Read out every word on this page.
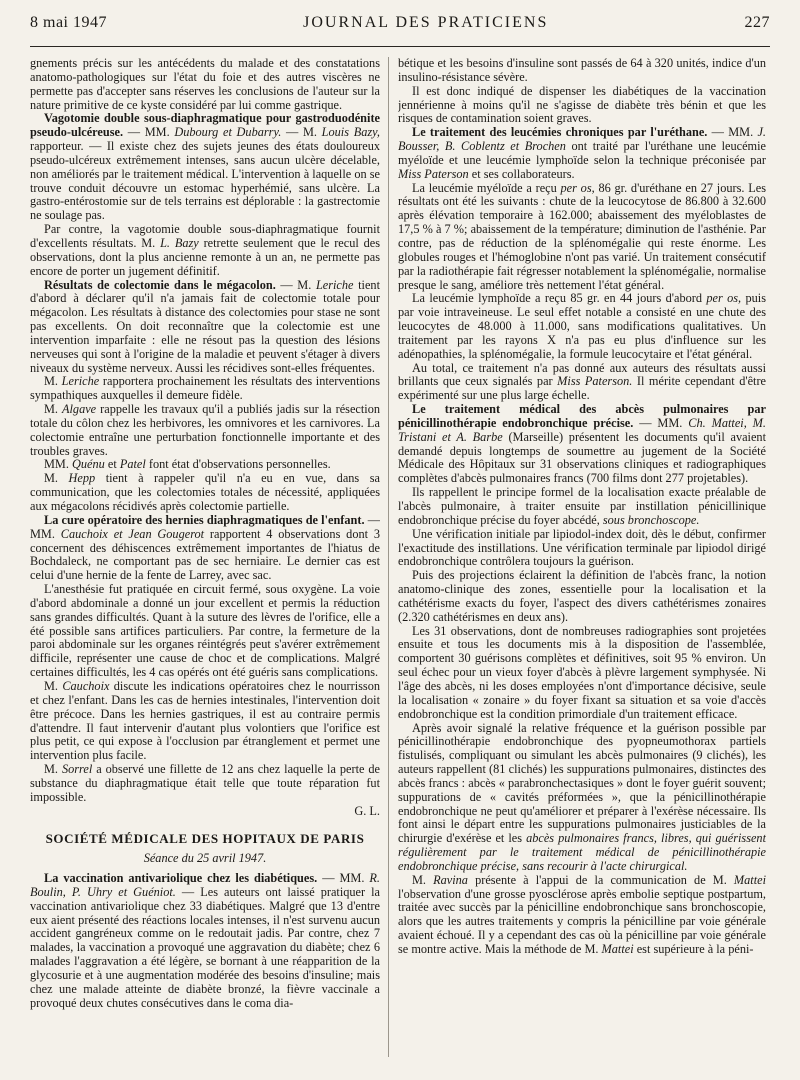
8 mai 1947	JOURNAL DES PRATICIENS	227

gnements précis sur les antécédents du malade et des constatations anatomo-pathologiques sur l'état du foie et des autres viscères ne permette pas d'accepter sans réserves les conclusions de l'auteur sur la nature primitive de ce kyste considéré par lui comme gastrique.

Vagotomie double sous-diaphragmatique pour gastroduodénite pseudo-ulcéreuse. — MM. Dubourg et Dubarry. — M. Louis Bazy, rapporteur. — Il existe chez des sujets jeunes des états douloureux pseudo-ulcéreux extrêmement intenses, sans aucun ulcère décelable, non améliorés par le traitement médical. L'intervention à laquelle on se trouve conduit découvre un estomac hyperhémié, sans ulcère. La gastro-entérostomie sur de tels terrains est déplorable : la gastrectomie ne soulage pas.

Par contre, la vagotomie double sous-diaphragmatique fournit d'excellents résultats. M. L. Bazy retrette seulement que le recul des observations, dont la plus ancienne remonte à un an, ne permette pas encore de porter un jugement définitif.

Résultats de colectomie dans le mégacolon. — M. Leriche tient d'abord à déclarer qu'il n'a jamais fait de colectomie totale pour mégacolon. Les résultats à distance des colectomies pour stase ne sont pas excellents. On doit reconnaître que la colectomie est une intervention imparfaite : elle ne résout pas la question des lésions nerveuses qui sont à l'origine de la maladie et peuvent s'étager à divers niveaux du système nerveux. Aussi les récidives sont-elles fréquentes.

M. Leriche rapportera prochainement les résultats des interventions sympathiques auxquelles il demeure fidèle.

M. Algave rappelle les travaux qu'il a publiés jadis sur la résection totale du côlon chez les herbivores, les omnivores et les carnivores. La colectomie entraîne une perturbation fonctionnelle importante et des troubles graves.

MM. Quénu et Patel font état d'observations personnelles.

M. Hepp tient à rappeler qu'il n'a eu en vue, dans sa communication, que les colectomies totales de nécessité, appliquées aux mégacolons récidivés après colectomie partielle.

La cure opératoire des hernies diaphragmatiques de l'enfant. — MM. Cauchoix et Jean Gougerot rapportent 4 observations dont 3 concernent des déhiscences extrêmement importantes de l'hiatus de Bochdaleck, ne comportant pas de sec herniaire. Le dernier cas est celui d'une hernie de la fente de Larrey, avec sac.

L'anesthésie fut pratiquée en circuit fermé, sous oxygène. La voie d'abord abdominale a donné un jour excellent et permis la réduction sans grandes difficultés. Quant à la suture des lèvres de l'orifice, elle a été possible sans artifices particuliers. Par contre, la fermeture de la paroi abdominale sur les organes réintégrés peut s'avérer extrêmement difficile, représenter une cause de choc et de complications. Malgré certaines difficultés, les 4 cas opérés ont été guéris sans complications.

M. Cauchoix discute les indications opératoires chez le nourrisson et chez l'enfant. Dans les cas de hernies intestinales, l'intervention doit être précoce. Dans les hernies gastriques, il est au contraire permis d'attendre. Il faut intervenir d'autant plus volontiers que l'orifice est plus petit, ce qui expose à l'occlusion par étranglement et permet une intervention plus facile.

M. Sorrel a observé une fillette de 12 ans chez laquelle la perte de substance du diaphragmatique était telle que toute réparation fut impossible.

G. L.
SOCIÉTÉ MÉDICALE DES HOPITAUX DE PARIS
Séance du 25 avril 1947.

La vaccination antivariolique chez les diabétiques. — MM. R. Boulin, P. Uhry et Guéniot. — Les auteurs ont laissé pratiquer la vaccination antivariolique chez 33 diabétiques. Malgré que 13 d'entre eux aient présenté des réactions locales intenses, il n'est survenu aucun accident gangréneux comme on le redoutait jadis. Par contre, chez 7 malades, la vaccination a provoqué une aggravation du diabète; chez 6 malades l'aggravation a été légère, se bornant à une réapparition de la glycosurie et à une augmentation modérée des besoins d'insuline; mais chez une malade atteinte de diabète bronzé, la fièvre vaccinale a provoqué deux chutes consécutives dans le coma dia-

bétique et les besoins d'insuline sont passés de 64 à 320 unités, indice d'un insulino-résistance sévère.

Il est donc indiqué de dispenser les diabétiques de la vaccination jennérienne à moins qu'il ne s'agisse de diabète très bénin et que les risques de contamination soient graves.

Le traitement des leucémies chroniques par l'uréthane. — MM. J. Bousser, B. Coblentz et Brochen ont traité par l'uréthane une leucémie myéloïde et une leucémie lymphoïde selon la technique préconisée par Miss Paterson et ses collaborateurs.

La leucémie myéloïde a reçu per os, 86 gr. d'uréthane en 27 jours. Les résultats ont été les suivants : chute de la leucocytose de 86.800 à 32.600 après élévation temporaire à 162.000; abaissement des myéloblastes de 17,5 % à 7 %; abaissement de la température; diminution de l'asthénie. Par contre, pas de réduction de la splénomégalie qui reste énorme. Les globules rouges et l'hémoglobine n'ont pas varié. Un traitement consécutif par la radiothérapie fait régresser notablement la splénomégalie, normalise presque le sang, améliore très nettement l'état général.

La leucémie lymphoïde a reçu 85 gr. en 44 jours d'abord per os, puis par voie intraveineuse. Le seul effet notable a consisté en une chute des leucocytes de 48.000 à 11.000, sans modifications qualitatives. Un traitement par les rayons X n'a pas eu plus d'influence sur les adénopathies, la splénomégalie, la formule leucocytaire et l'état général.

Au total, ce traitement n'a pas donné aux auteurs des résultats aussi brillants que ceux signalés par Miss Paterson. Il mérite cependant d'être expérimenté sur une plus large échelle.

Le traitement médical des abcès pulmonaires par pénicillinothérapie endobronchique précise. — MM. Ch. Mattei, M. Tristani et A. Barbe (Marseille) présentent les documents qu'il avaient demandé depuis longtemps de soumettre au jugement de la Société Médicale des Hôpitaux sur 31 observations cliniques et radiographiques complètes d'abcès pulmonaires francs (700 films dont 277 projetables).

Ils rappellent le principe formel de la localisation exacte préalable de l'abcès pulmonaire, à traiter ensuite par instillation pénicillinique endobronchique précise du foyer abcédé, sous bronchoscope.

Une vérification initiale par lipiodol-index doit, dès le début, confirmer l'exactitude des instillations. Une vérification terminale par lipiodol dirigé endobronchique contrôlera toujours la guérison.

Puis des projections éclairent la définition de l'abcès franc, la notion anatomo-clinique des zones, essentielle pour la localisation et la cathétérisme exacts du foyer, l'aspect des divers cathétérismes zonaires (2.320 cathétérismes en deux ans).

Les 31 observations, dont de nombreuses radiographies sont projetées ensuite et tous les documents mis à la disposition de l'assemblée, comportent 30 guérisons complètes et définitives, soit 95 % environ. Un seul échec pour un vieux foyer d'abcès à plèvre largement symphysée. Ni l'âge des abcès, ni les doses employées n'ont d'importance décisive, seule la localisation « zonaire » du foyer fixant sa situation et sa voie d'accès endobronchique est la condition primordiale d'un traitement efficace.

Après avoir signalé la relative fréquence et la guérison possible par pénicillinothérapie endobronchique des pyopneumothorax partiels fistulisés, compliquant ou simulant les abcès pulmonaires (9 clichés), les auteurs rappellent (81 clichés) les suppurations pulmonaires, distinctes des abcès francs : abcès « parabronchectasiques » dont le foyer guérit souvent; suppurations de « cavités préformées », que la pénicillinothérapie endobronchique ne peut qu'améliorer et préparer à l'exérèse nécessaire. Ils font ainsi le départ entre les suppurations pulmonaires justiciables de la chirurgie d'exérèse et les abcès pulmonaires francs, libres, qui guérissent régulièrement par le traitement médical de pénicillinothérapie endobronchique précise, sans recourir à l'acte chirurgical.

M. Ravina présente à l'appui de la communication de M. Mattei l'observation d'une grosse pyosclérose après embolie septique postpartum, traitée avec succès par la pénicilline endobronchique sans bronchoscopie, alors que les autres traitements y compris la pénicilline par voie générale avaient échoué. Il y a cependant des cas où la pénicilline par voie générale se montre active. Mais la méthode de M. Mattei est supérieure à la péni-
